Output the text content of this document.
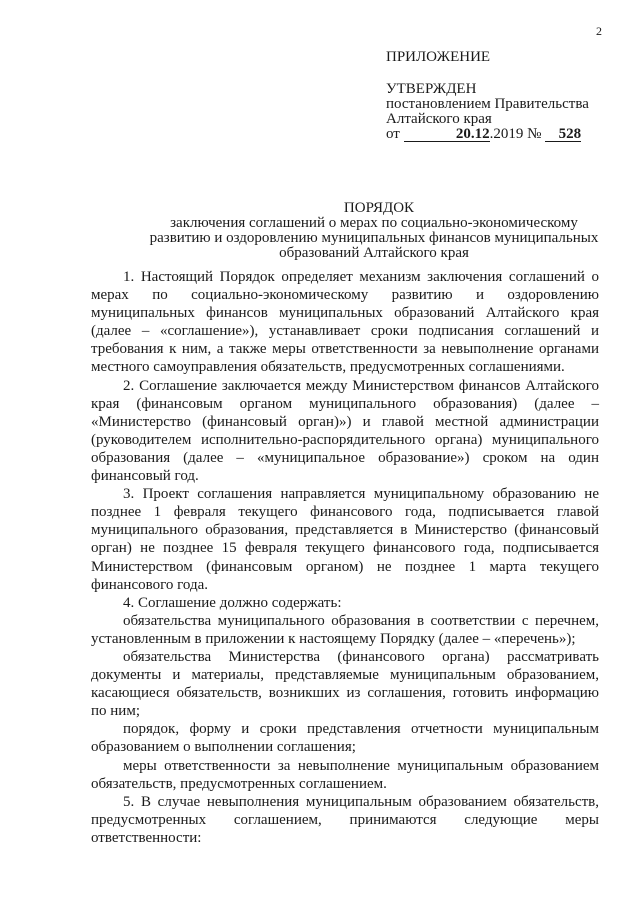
2
ПРИЛОЖЕНИЕ
УТВЕРЖДЕН
постановлением Правительства
Алтайского края
от	20.12.2019 № 528
ПОРЯДОК
заключения соглашений о мерах по социально-экономическому
развитию и оздоровлению муниципальных финансов муниципальных
образований Алтайского края

1. Настоящий Порядок определяет механизм заключения соглашений о мерах по социально-экономическому развитию и оздоровлению муниципальных финансов муниципальных образований Алтайского края (далее – «соглашение»), устанавливает сроки подписания соглашений и требования к ним, а также меры ответственности за невыполнение органами местного самоуправления обязательств, предусмотренных соглашениями.

2. Соглашение заключается между Министерством финансов Алтайского края (финансовым органом муниципального образования) (далее – «Министерство (финансовый орган)») и главой местной администрации (руководителем исполнительно-распорядительного органа) муниципального образования (далее – «муниципальное образование») сроком на один финансовый год.

3. Проект соглашения направляется муниципальному образованию не позднее 1 февраля текущего финансового года, подписывается главой муниципального образования, представляется в Министерство (финансовый орган) не позднее 15 февраля текущего финансового года, подписывается Министерством (финансовым органом) не позднее 1 марта текущего финансового года.

4. Соглашение должно содержать:

обязательства муниципального образования в соответствии с перечнем, установленным в приложении к настоящему Порядку (далее – «перечень»);

обязательства Министерства (финансового органа) рассматривать документы и материалы, представляемые муниципальным образованием, касающиеся обязательств, возникших из соглашения, готовить информацию по ним;

порядок, форму и сроки представления отчетности муниципальным образованием о выполнении соглашения;

меры ответственности за невыполнение муниципальным образованием обязательств, предусмотренных соглашением.

5. В случае невыполнения муниципальным образованием обязательств, предусмотренных соглашением, принимаются следующие меры ответственности:
